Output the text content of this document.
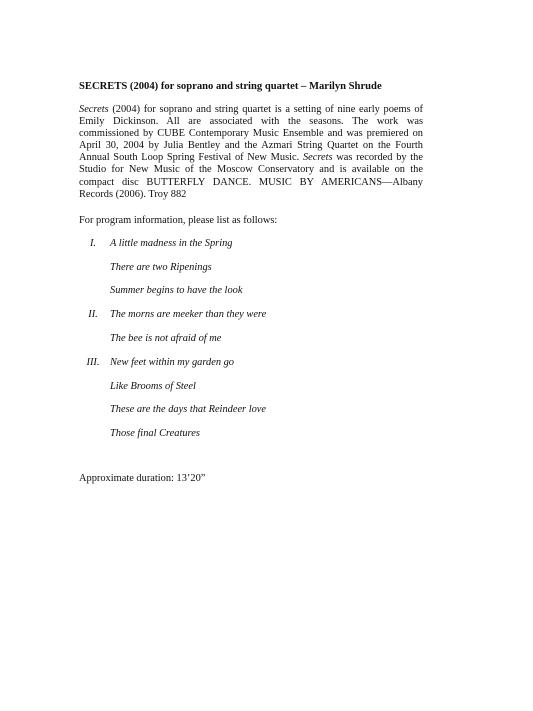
SECRETS (2004) for soprano and string quartet – Marilyn Shrude

Secrets (2004) for soprano and string quartet is a setting of nine early poems of Emily Dickinson. All are associated with the seasons. The work was commissioned by CUBE Contemporary Music Ensemble and was premiered on April 30, 2004 by Julia Bentley and the Azmari String Quartet on the Fourth Annual South Loop Spring Festival of New Music. Secrets was recorded by the Studio for New Music of the Moscow Conservatory and is available on the compact disc BUTTERFLY DANCE. MUSIC BY AMERICANS—Albany Records (2006). Troy 882

For program information, please list as follows:

I.	A little madness in the Spring
There are two Ripenings
Summer begins to have the look
II.	The morns are meeker than they were
The bee is not afraid of me
III.	New feet within my garden go
Like Brooms of Steel
These are the days that Reindeer love
Those final Creatures

Approximate duration: 13’20”
